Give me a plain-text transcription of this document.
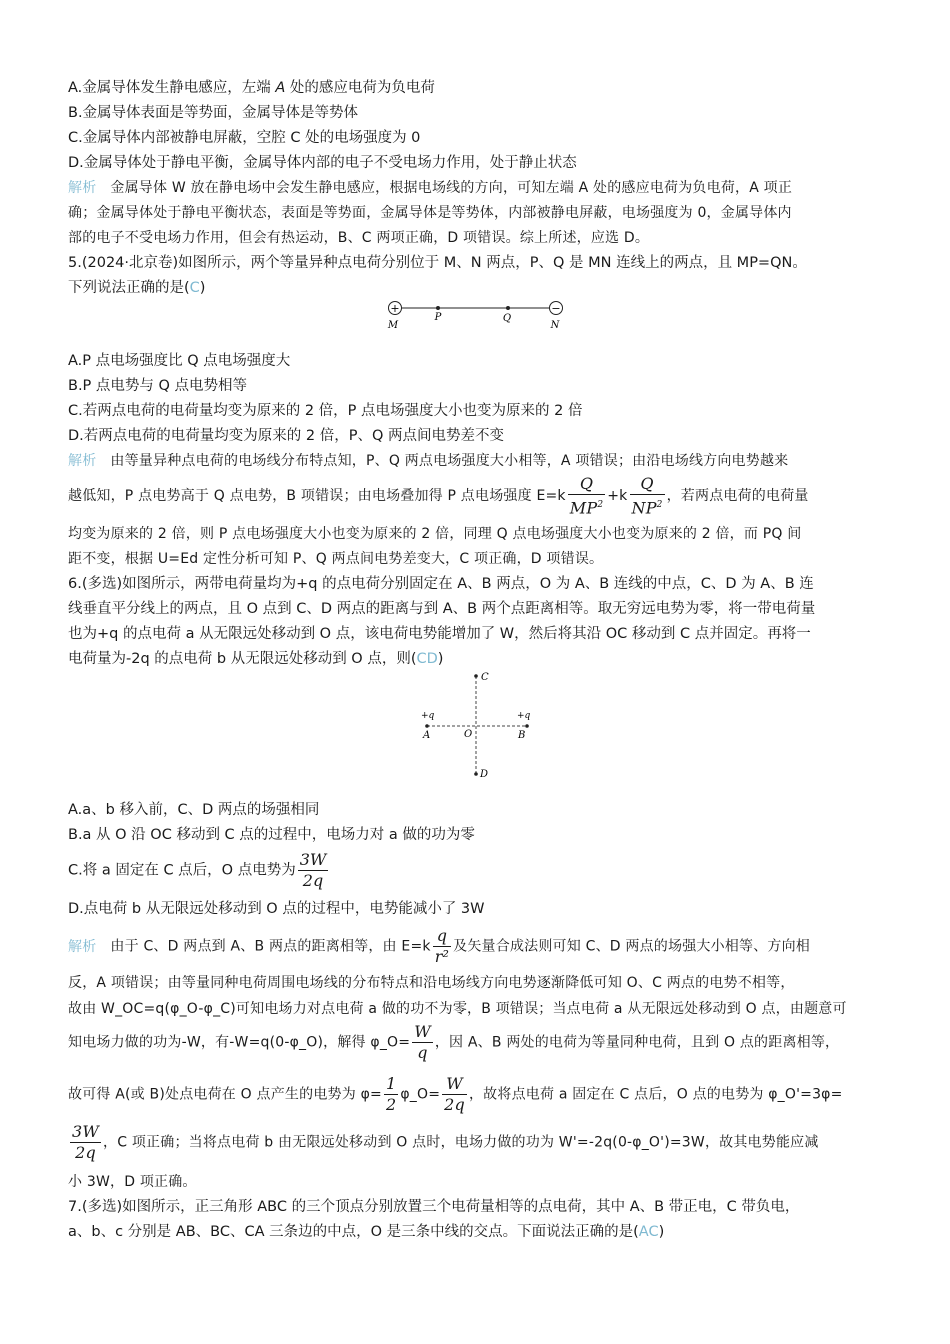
A.金属导体发生静电感应，左端 A 处的感应电荷为负电荷
B.金属导体表面是等势面，金属导体是等势体
C.金属导体内部被静电屏蔽，空腔 C 处的电场强度为 0
D.金属导体处于静电平衡，金属导体内部的电子不受电场力作用，处于静止状态
解析 金属导体 W 放在静电场中会发生静电感应，根据电场线的方向，可知左端 A 处的感应电荷为负电荷，A 项正
确；金属导体处于静电平衡状态，表面是等势面，金属导体是等势体，内部被静电屏蔽，电场强度为 0，金属导体内
部的电子不受电场力作用，但会有热运动，B、C 两项正确，D 项错误。综上所述，应选 D。
5.(2024·北京卷)如图所示，两个等量异种点电荷分别位于 M、N 两点，P、Q 是 MN 连线上的两点，且 MP=QN。
下列说法正确的是(C)
+	−
M
P	Q
N
A.P 点电场强度比 Q 点电场强度大
B.P 点电势与 Q 点电势相等
C.若两点电荷的电荷量均变为原来的 2 倍，P 点电场强度大小也变为原来的 2 倍
D.若两点电荷的电荷量均变为原来的 2 倍，P、Q 两点间电势差不变
解析 由等量异种点电荷的电场线分布特点知，P、Q 两点电场强度大小相等，A 项错误；由沿电场线方向电势越来
越低知，P 点电势高于 Q 点电势，B 项错误；由电场叠加得 P 点电场强度 $E=k \frac{Q}{MP^2} +k \frac{Q}{NP^2}$ ，若两点电荷的电荷量
均变为原来的 2 倍，则 P 点电场强度大小也变为原来的 2 倍，同理 Q 点电场强度大小也变为原来的 2 倍，而 PQ 间
距不变，根据 U=Ed 定性分析可知 P、Q 两点间电势差变大，C 项正确，D 项错误。
6.(多选)如图所示，两带电荷量均为+q 的点电荷分别固定在 A、B 两点，O 为 A、B 连线的中点，C、D 为 A、B 连
线垂直平分线上的两点，且 O 点到 C、D 两点的距离与到 A、B 两个点距离相等。取无穷远电势为零，将一带电荷量
也为+q 的点电荷 a 从无限远处移动到 O 点，该电荷电势能增加了 W，然后将其沿 OC 移动到 C 点并固定。再将一
电荷量为-2q 的点电荷 b 从无限远处移动到 O 点，则(CD)
C
D
+q	+q
A	B
O
A.a、b 移入前，C、D 两点的场强相同
B.a 从 O 沿 OC 移动到 C 点的过程中，电场力对 a 做的功为零
C.将 a 固定在 C 点后，O 点电势为 $\frac{3W}{2q}$
D.点电荷 b 从无限远处移动到 O 点的过程中，电势能减小了 3W
解析 由于 C、D 两点到 A、B 两点的距离相等，由 $E=k \frac{q}{\text{r²}}$ 及矢量合成法则可知 C、D 两点的场强大小相等、方向相
反，A 项错误；由等量同种电荷周围电场线的分布特点和沿电场线方向电势逐渐降低可知 O、C 两点的电势不相等，
故由 W_OC=q(φ_O-φ_C)可知电场力对点电荷 a 做的功不为零，B 项错误；当点电荷 a 从无限远处移动到 O 点，由题意可
知电场力做的功为-W，有-W=q(0-φ_O)，解得 φ_O= $\frac{W}{q}$ ，因 A、B 两处的电荷为等量同种电荷，且到 O 点的距离相等，
故可得 A(或 B)处点电荷在 O 点产生的电势为 $\varphi= \frac{1}{2}$ φ_O= $\frac{W}{2q}$ ，故将点电荷 a 固定在 C 点后，O 点的电势为 φ_O'=3φ=
$\frac{3W}{2q}$ ，C 项正确；当将点电荷 b 由无限远处移动到 O 点时，电场力做的功为 W'=-2q(0-φ_O')=3W，故其电势能应减
小 3W，D 项正确。
7.(多选)如图所示，正三角形 ABC 的三个顶点分别放置三个电荷量相等的点电荷，其中 A、B 带正电，C 带负电，
a、b、c 分别是 AB、BC、CA 三条边的中点，O 是三条中线的交点。下面说法正确的是(AC)
